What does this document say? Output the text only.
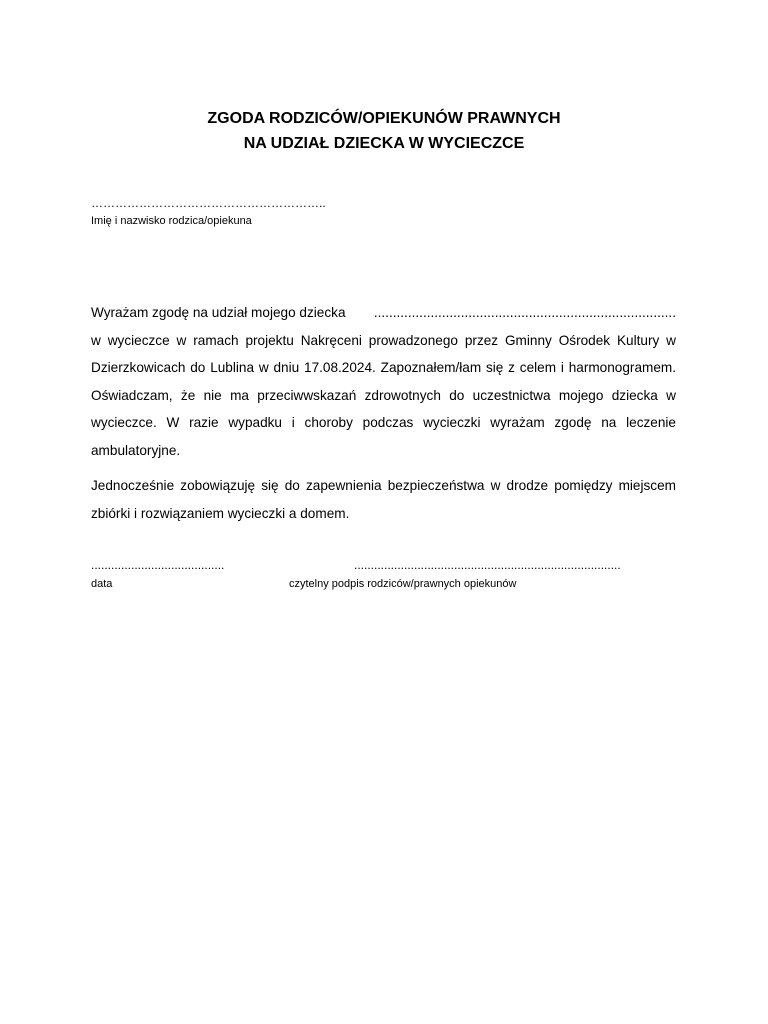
ZGODA RODZICÓW/OPIEKUNÓW PRAWNYCH
NA UDZIAŁ DZIECKA W WYCIECZCE
…………………………………………………..
Imię i nazwisko rodzica/opiekuna

Wyrażam zgodę na udział mojego dziecka ................................................................................
w wycieczce w ramach projektu Nakręceni prowadzonego przez Gminny Ośrodek Kultury w Dzierzkowicach do Lublina w dniu 17.08.2024. Zapoznałem/łam się z celem i harmonogramem. Oświadczam, że nie ma przeciwwskazań zdrowotnych do uczestnictwa mojego dziecka w wycieczce. W razie wypadku i choroby podczas wycieczki wyrażam zgodę na leczenie ambulatoryjne.

Jednocześnie zobowiązuję się do zapewnienia bezpieczeństwa w drodze pomiędzy miejscem zbiórki i rozwiązaniem wycieczki a domem.

........................................	................................................................................
data	czytelny podpis rodziców/prawnych opiekunów
